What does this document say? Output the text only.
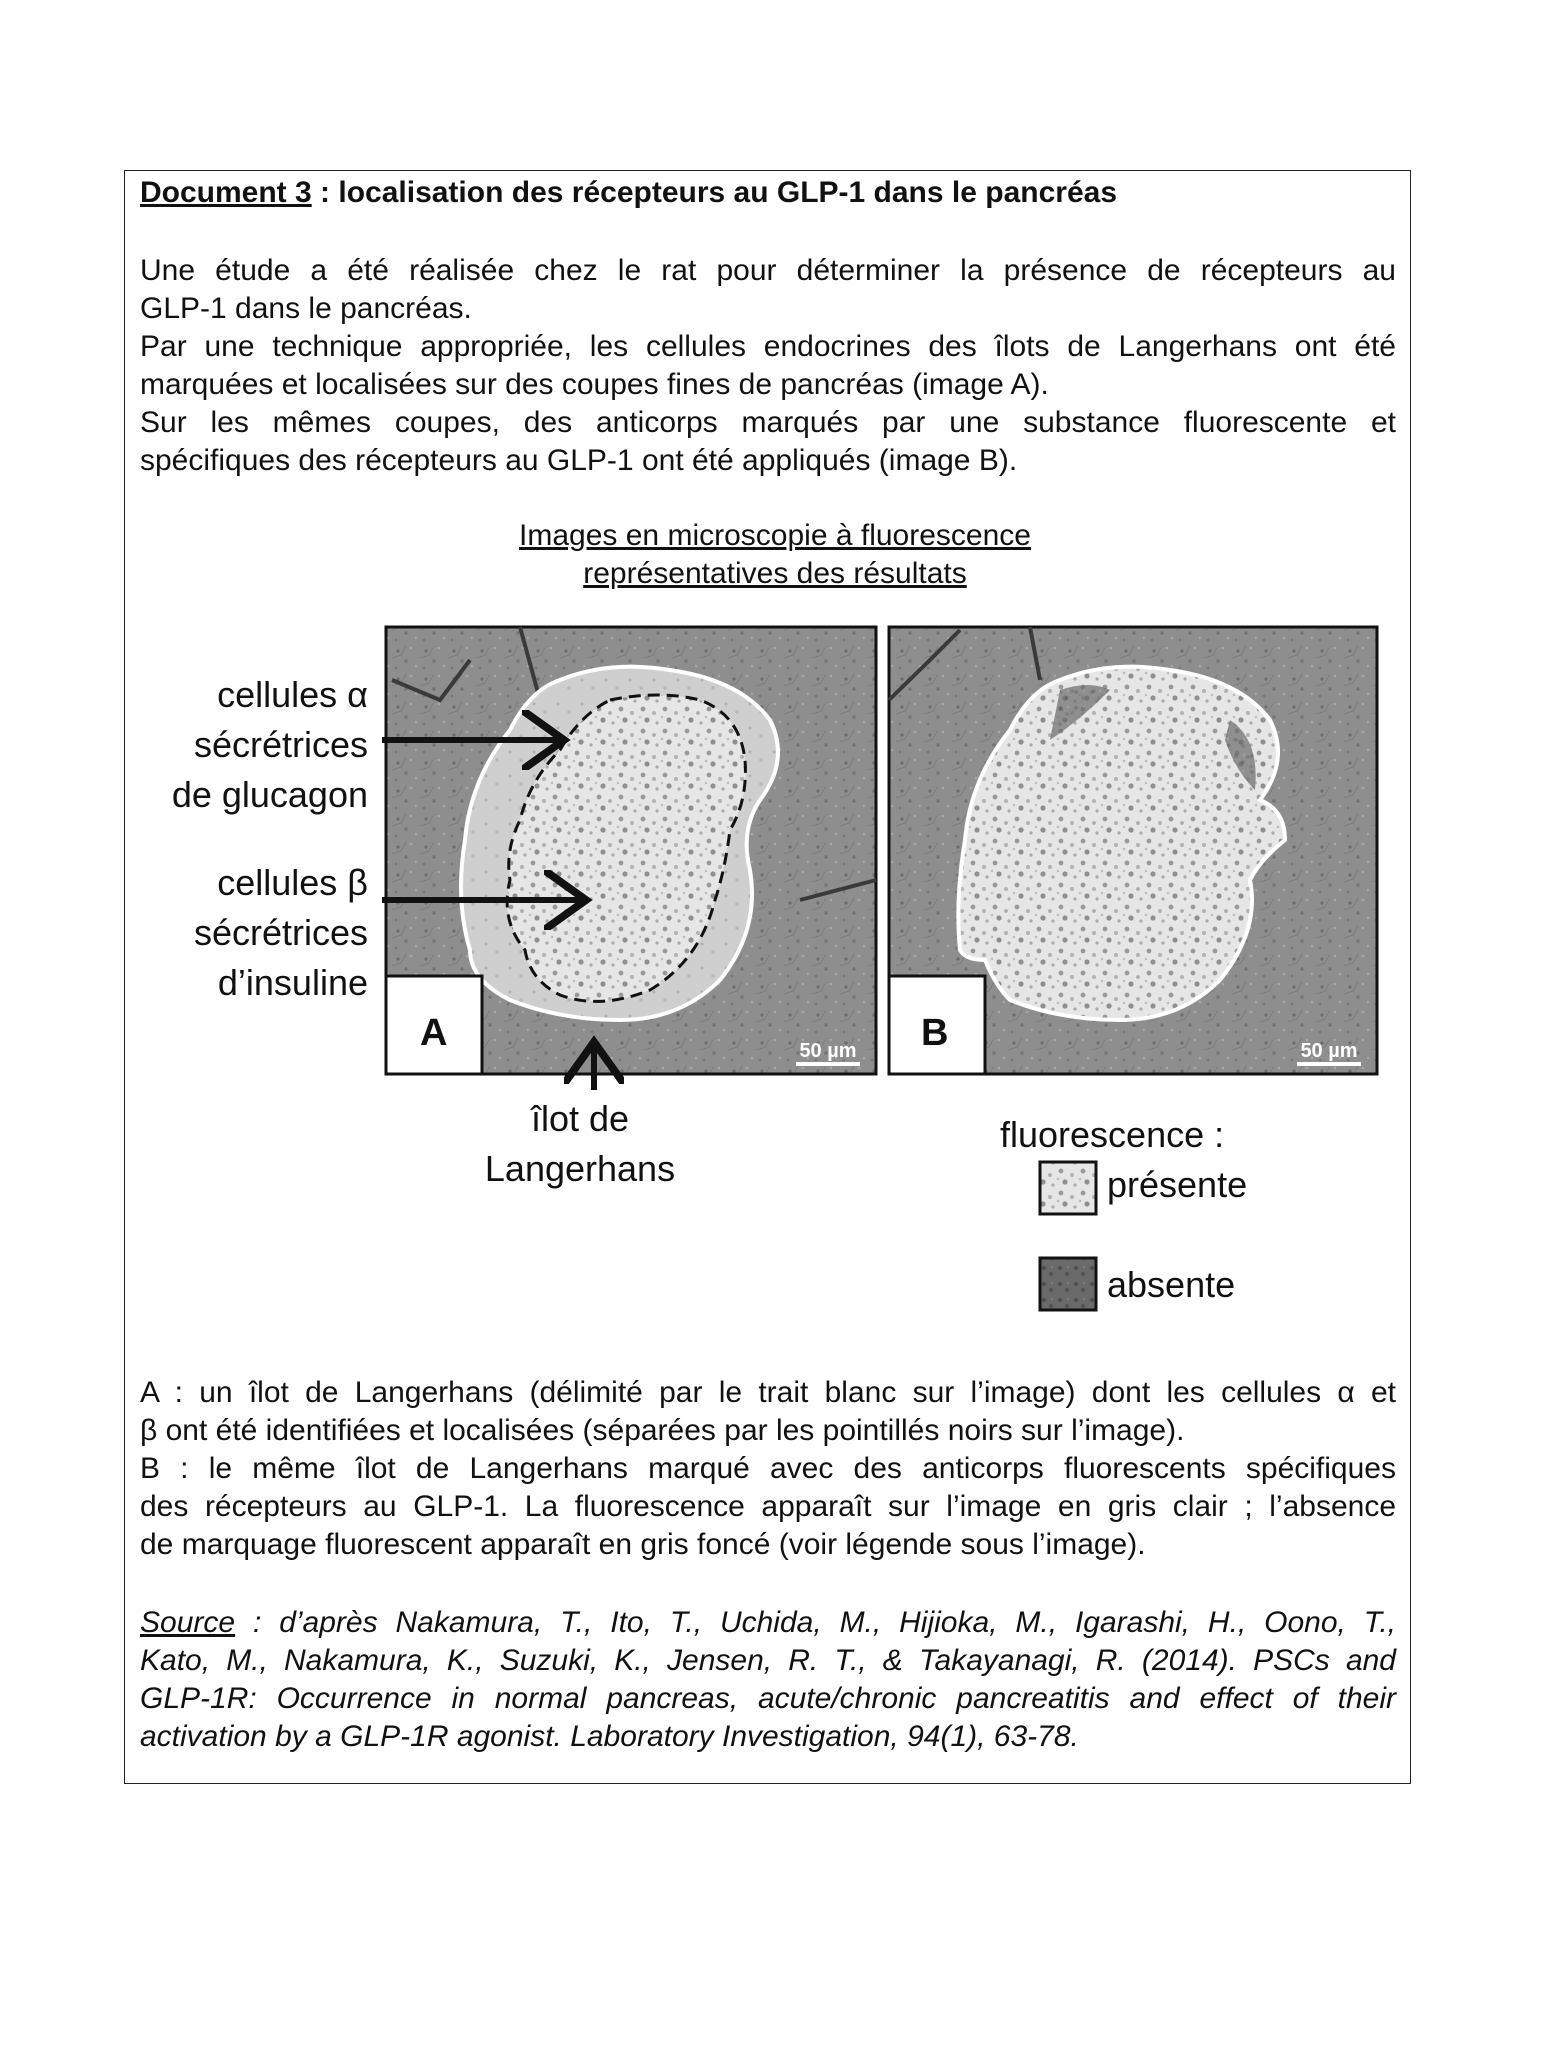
Document 3 : localisation des récepteurs au GLP-1 dans le pancréas
Une étude a été réalisée chez le rat pour déterminer la présence de récepteurs au
GLP-1 dans le pancréas.
Par une technique appropriée, les cellules endocrines des îlots de Langerhans ont été
marquées et localisées sur des coupes fines de pancréas (image A).
Sur les mêmes coupes, des anticorps marqués par une substance fluorescente et
spécifiques des récepteurs au GLP-1 ont été appliqués (image B).
Images en microscopie à fluorescence
représentatives des résultats
A	50 µm B	50 µm
cellules α
sécrétrices
de glucagon
cellules β
sécrétrices
d’insuline
îlot de
Langerhans
fluorescence :
présente
absente
A : un îlot de Langerhans (délimité par le trait blanc sur l’image) dont les cellules α et
β ont été identifiées et localisées (séparées par les pointillés noirs sur l’image).
B : le même îlot de Langerhans marqué avec des anticorps fluorescents spécifiques
des récepteurs au GLP-1. La fluorescence apparaît sur l’image en gris clair ; l’absence
de marquage fluorescent apparaît en gris foncé (voir légende sous l’image).
Source : d’après Nakamura, T., Ito, T., Uchida, M., Hijioka, M., Igarashi, H., Oono, T.,
Kato, M., Nakamura, K., Suzuki, K., Jensen, R. T., & Takayanagi, R. (2014). PSCs and
GLP-1R: Occurrence in normal pancreas, acute/chronic pancreatitis and effect of their
activation by a GLP-1R agonist. Laboratory Investigation, 94(1), 63-78.
